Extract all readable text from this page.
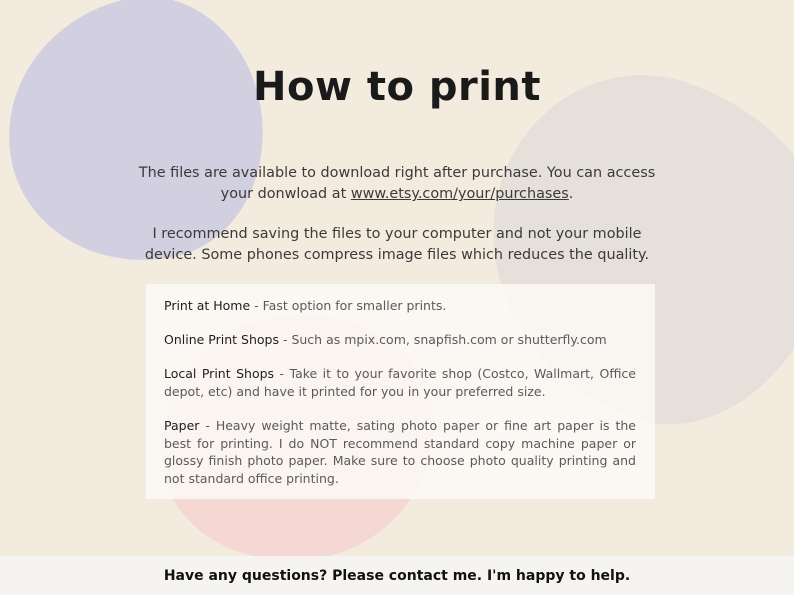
How to print

The files are available to download right after purchase. You can access your donwload at www.etsy.com/your/purchases.

I recommend saving the files to your computer and not your mobile device. Some phones compress image files which reduces the quality.

Print at Home - Fast option for smaller prints.

Online Print Shops - Such as mpix.com, snapfish.com or shutterfly.com

Local Print Shops - Take it to your favorite shop (Costco, Wallmart, Office depot, etc) and have it printed for you in your preferred size.

Paper - Heavy weight matte, sating photo paper or fine art paper is the best for printing. I do NOT recommend standard copy machine paper or glossy finish photo paper. Make sure to choose photo quality printing and not standard office printing.

Have any questions? Please contact me. I'm happy to help.
